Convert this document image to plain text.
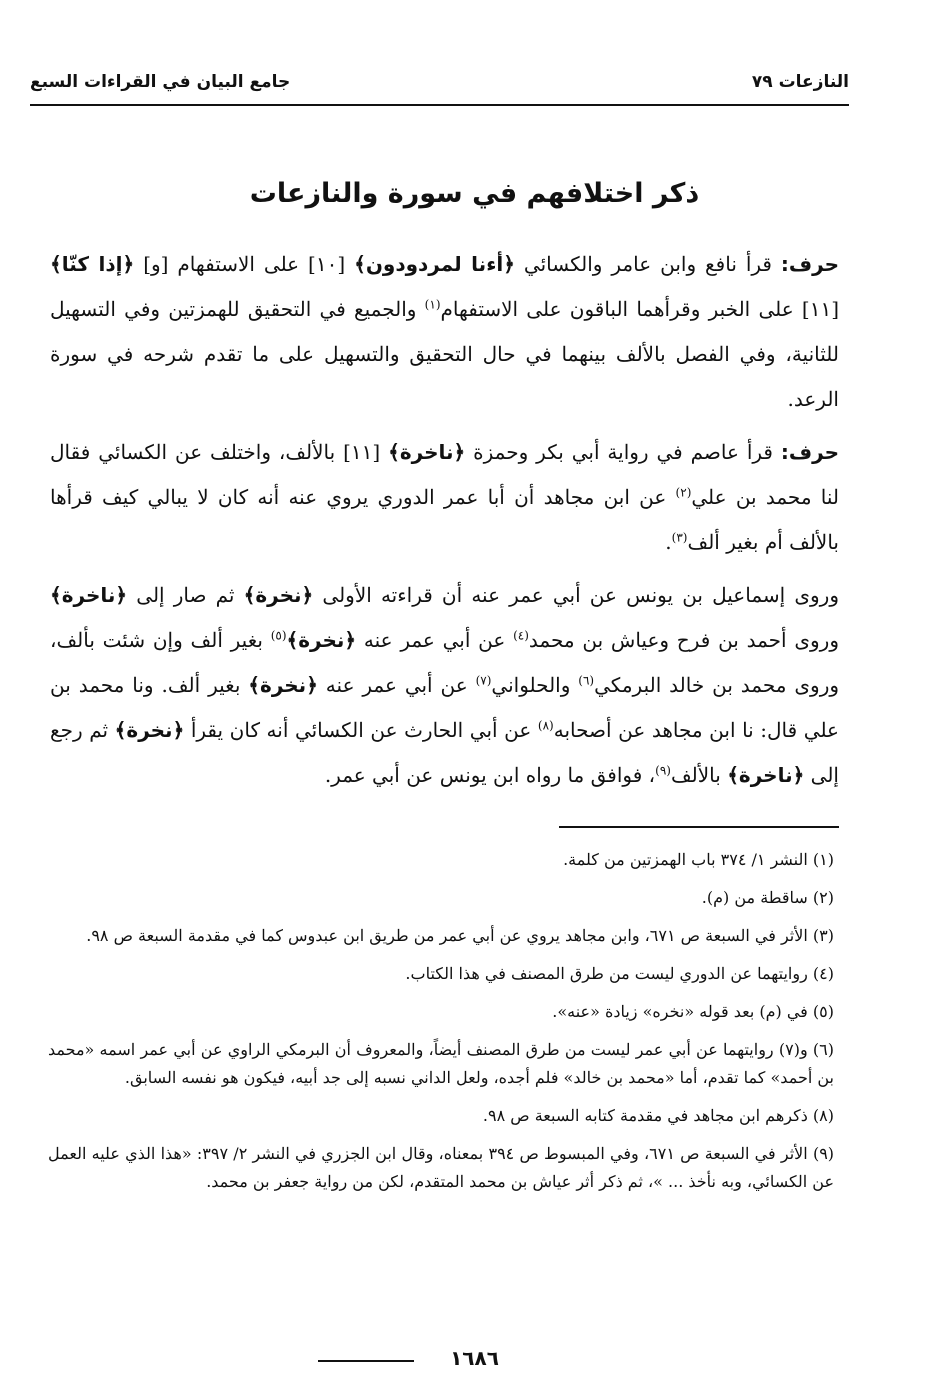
النازعات ٧٩
جامع البيان في القراءات السبع
ذكر اختلافهم في سورة والنازعات

حرف: قرأ نافع وابن عامر والكسائي ﴿أءنا لمردودون﴾ [١٠] على الاستفهام [و] ﴿إذا كنّا﴾ [١١] على الخبر وقرأهما الباقون على الاستفهام$^{(١)}$ والجميع في التحقيق للهمزتين وفي التسهيل للثانية، وفي الفصل بالألف بينهما في حال التحقيق والتسهيل على ما تقدم شرحه في سورة الرعد.

حرف: قرأ عاصم في رواية أبي بكر وحمزة ﴿ناخرة﴾ [١١] بالألف، واختلف عن الكسائي فقال لنا محمد بن علي$^{(٢)}$ عن ابن مجاهد أن أبا عمر الدوري يروي عنه أنه كان لا يبالي كيف قرأها بالألف أم بغير ألف$^{(٣)}$.

وروى إسماعيل بن يونس عن أبي عمر عنه أن قراءته الأولى ﴿نخرة﴾ ثم صار إلى ﴿ناخرة﴾ وروى أحمد بن فرح وعياش بن محمد$^{(٤)}$ عن أبي عمر عنه ﴿نخرة﴾$^{(٥)}$ بغير ألف وإن شئت بألف، وروى محمد بن خالد البرمكي$^{(٦)}$ والحلواني$^{(٧)}$ عن أبي عمر عنه ﴿نخرة﴾ بغير ألف. ونا محمد بن علي قال: نا ابن مجاهد عن أصحابه$^{(٨)}$ عن أبي الحارث عن الكسائي أنه كان يقرأ ﴿نخرة﴾ ثم رجع إلى ﴿ناخرة﴾ بالألف$^{(٩)}$، فوافق ما رواه ابن يونس عن أبي عمر.

(١) النشر ١/ ٣٧٤ باب الهمزتين من كلمة.

(٢) ساقطة من (م).

(٣) الأثر في السبعة ص ٦٧١، وابن مجاهد يروي عن أبي عمر من طريق ابن عبدوس كما في مقدمة السبعة ص ٩٨.

(٤) روايتهما عن الدوري ليست من طرق المصنف في هذا الكتاب.

(٥) في (م) بعد قوله «نخره» زيادة «عنه».

(٦) و(٧) روايتهما عن أبي عمر ليست من طرق المصنف أيضاً، والمعروف أن البرمكي الراوي عن أبي عمر اسمه «محمد بن أحمد» كما تقدم، أما «محمد بن خالد» فلم أجده، ولعل الداني نسبه إلى جد أبيه، فيكون هو نفسه السابق.

(٨) ذكرهم ابن مجاهد في مقدمة كتابه السبعة ص ٩٨.

(٩) الأثر في السبعة ص ٦٧١، وفي المبسوط ص ٣٩٤ بمعناه، وقال ابن الجزري في النشر ٢/ ٣٩٧: «هذا الذي عليه العمل عن الكسائي، وبه نأخذ ... »، ثم ذكر أثر عياش بن محمد المتقدم، لكن من رواية جعفر بن محمد.

١٦٨٦
